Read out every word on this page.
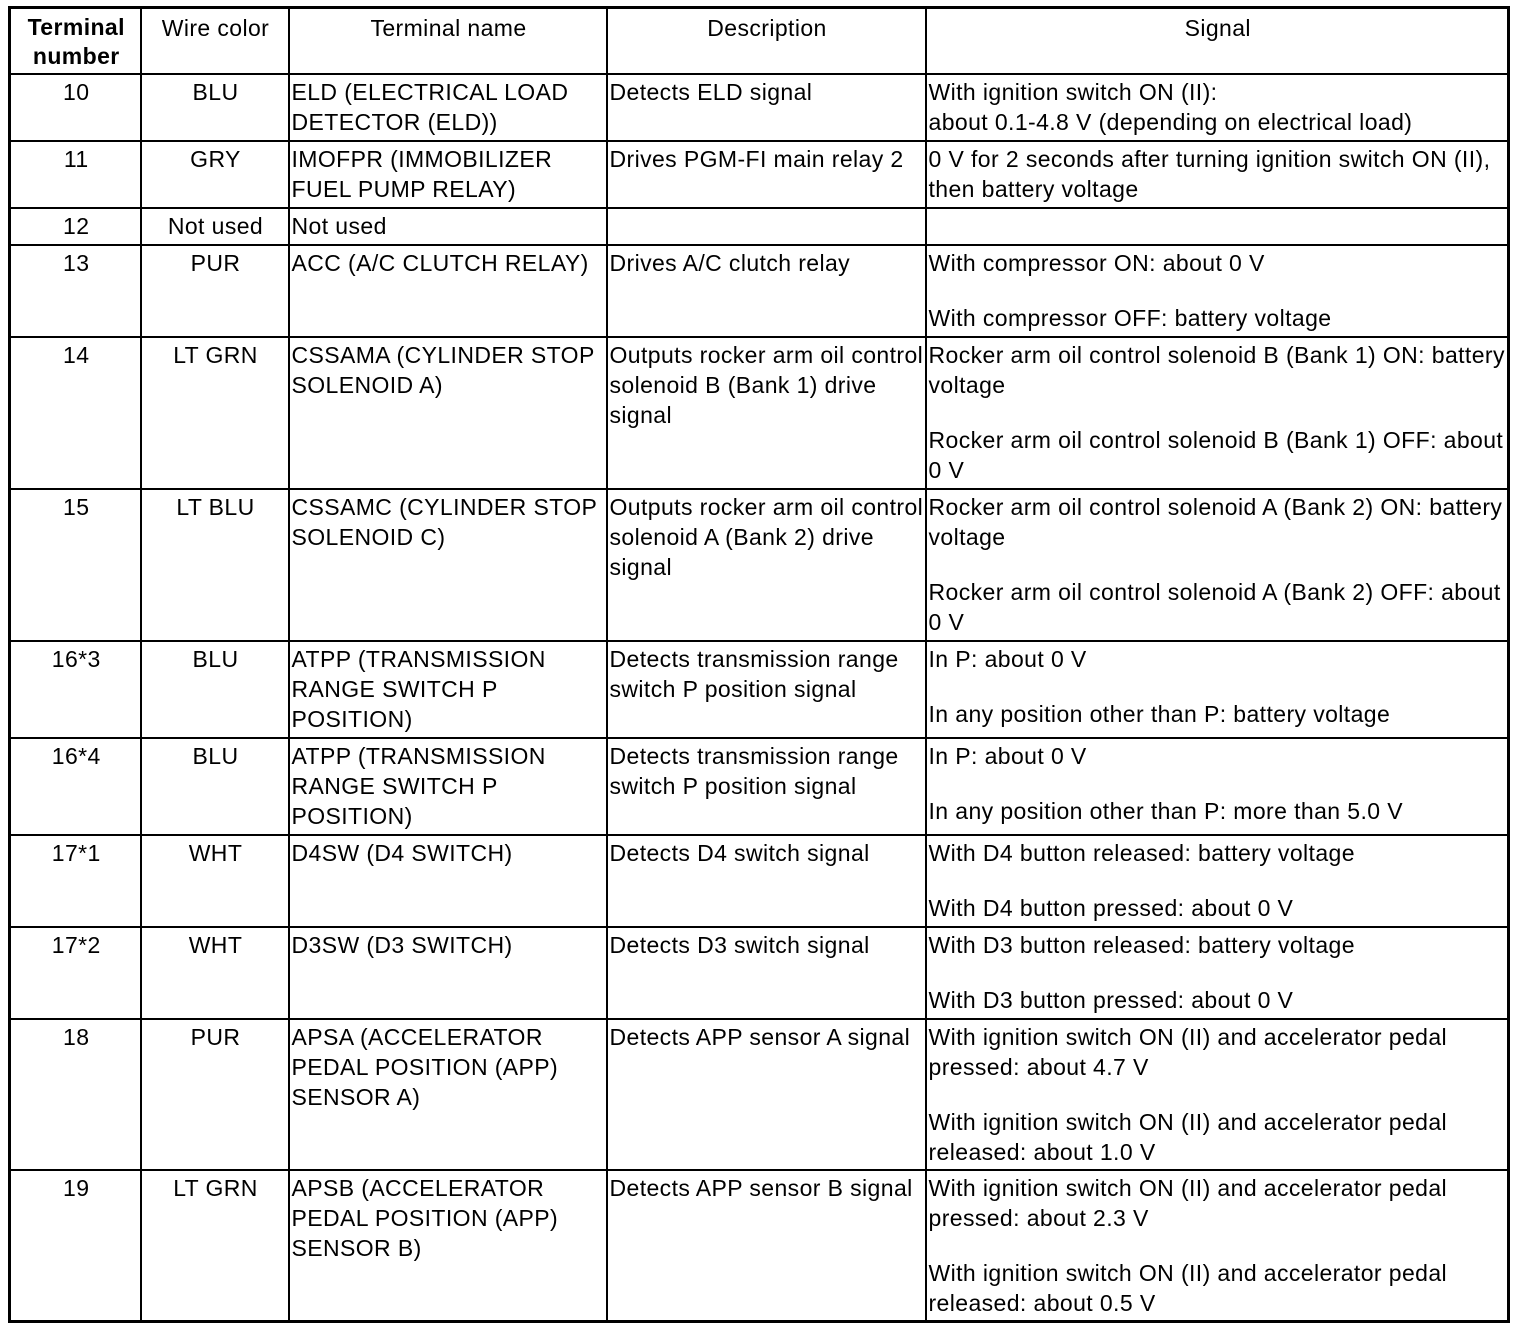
Terminal
number	Wire color	Terminal name	Description	Signal
10	BLU	ELD (ELECTRICAL LOAD DETECTOR (ELD))	Detects ELD signal	With ignition switch ON (II):
about 0.1-4.8 V (depending on electrical load)

11	GRY	IMOFPR (IMMOBILIZER FUEL PUMP RELAY)	Drives PGM-FI main relay 2	0 V for 2 seconds after turning ignition switch ON (II), then battery voltage

12	Not used	Not used		
13	PUR	ACC (A/C CLUTCH RELAY)	Drives A/C clutch relay	With compressor ON: about 0 V
With compressor OFF: battery voltage

14	LT GRN	CSSAMA (CYLINDER STOP SOLENOID A)	Outputs rocker arm oil control solenoid B (Bank 1) drive signal	Rocker arm oil control solenoid B (Bank 1) ON: battery voltage
Rocker arm oil control solenoid B (Bank 1) OFF: about 0 V

15	LT BLU	CSSAMC (CYLINDER STOP SOLENOID C)	Outputs rocker arm oil control solenoid A (Bank 2) drive signal	Rocker arm oil control solenoid A (Bank 2) ON: battery voltage
Rocker arm oil control solenoid A (Bank 2) OFF: about 0 V

16*3	BLU	ATPP (TRANSMISSION RANGE SWITCH P POSITION)	Detects transmission range switch P position signal	In P: about 0 V
In any position other than P: battery voltage

16*4	BLU	ATPP (TRANSMISSION RANGE SWITCH P POSITION)	Detects transmission range switch P position signal	In P: about 0 V
In any position other than P: more than 5.0 V

17*1	WHT	D4SW (D4 SWITCH)	Detects D4 switch signal	With D4 button released: battery voltage
With D4 button pressed: about 0 V

17*2	WHT	D3SW (D3 SWITCH)	Detects D3 switch signal	With D3 button released: battery voltage
With D3 button pressed: about 0 V

18	PUR	APSA (ACCELERATOR PEDAL POSITION (APP) SENSOR A)	Detects APP sensor A signal	With ignition switch ON (II) and accelerator pedal pressed: about 4.7 V
With ignition switch ON (II) and accelerator pedal released: about 1.0 V

19	LT GRN	APSB (ACCELERATOR PEDAL POSITION (APP) SENSOR B)	Detects APP sensor B signal	With ignition switch ON (II) and accelerator pedal pressed: about 2.3 V
With ignition switch ON (II) and accelerator pedal released: about 0.5 V
